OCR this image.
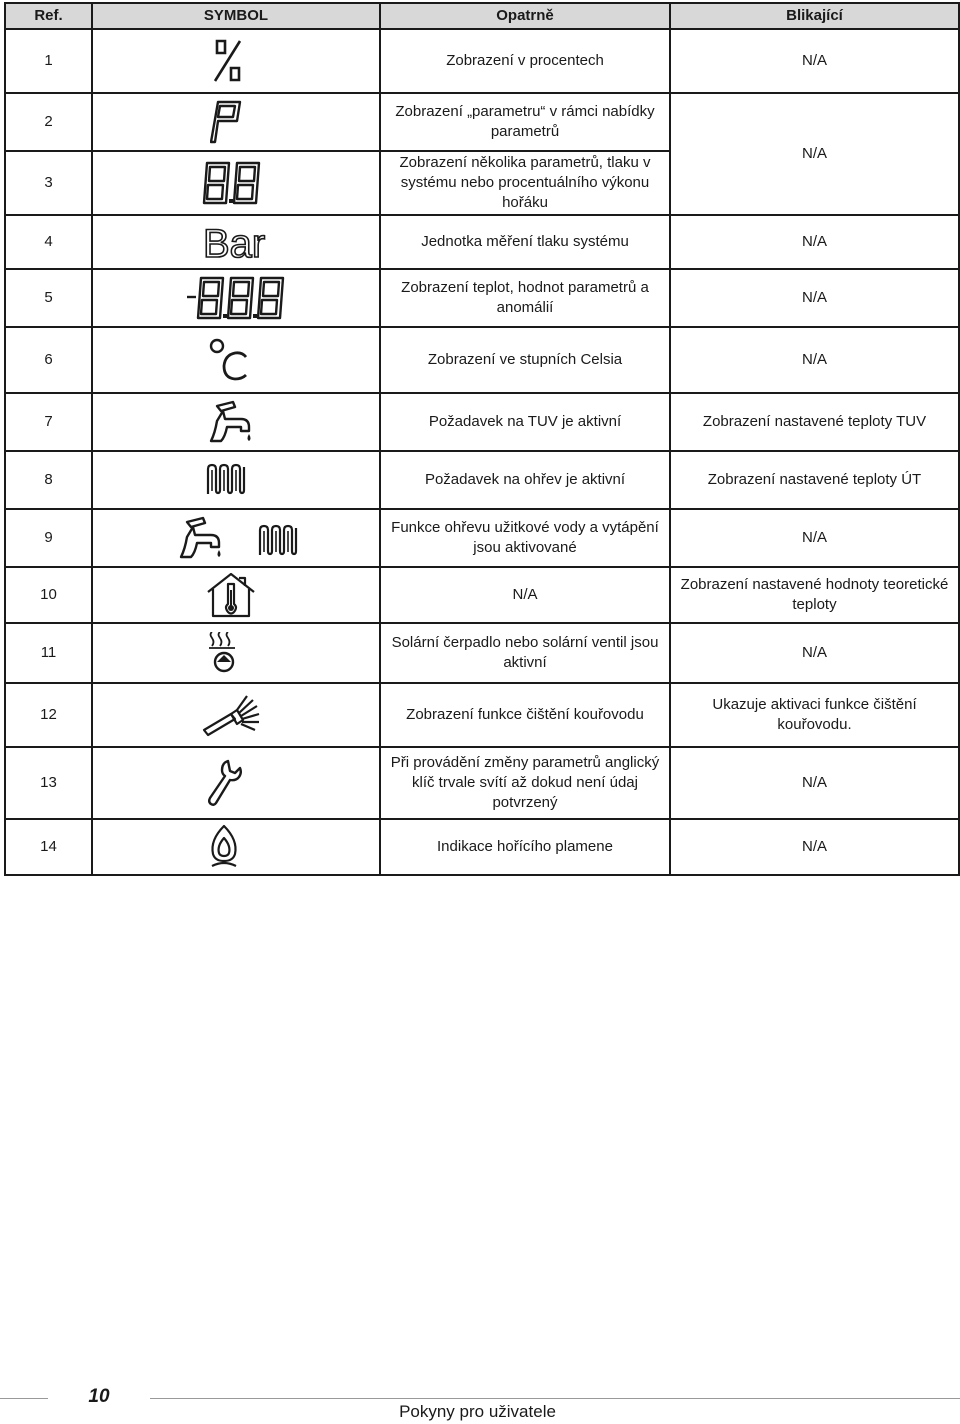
Ref.	SYMBOL	Opatrně	Blikající
1		Zobrazení v procentech	N/A
2		Zobrazení „parametru“ v rámci nabídky parametrů	N/A
3		Zobrazení několika parametrů, tlaku v systému nebo procentuálního výkonu hořáku	
4	Bar	Jednotka měření tlaku systému	N/A
5		Zobrazení teplot, hodnot parametrů a anomálií	N/A
6		Zobrazení ve stupních Celsia	N/A
7		Požadavek na TUV je aktivní	Zobrazení nastavené teploty TUV
8		Požadavek na ohřev je aktivní	Zobrazení nastavené teploty ÚT
9		Funkce ohřevu užitkové vody a vytápění jsou aktivované	N/A
10		N/A	Zobrazení nastavené hodnoty teoretické teploty
11		Solární čerpadlo nebo solární ventil jsou aktivní	N/A
12		Zobrazení funkce čištění kouřovodu	Ukazuje aktivaci funkce čištění kouřovodu.
13		Při provádění změny parametrů anglický klíč trvale svítí až dokud není údaj potvrzený	N/A
14		Indikace hořícího plamene	N/A
10
Pokyny pro uživatele
